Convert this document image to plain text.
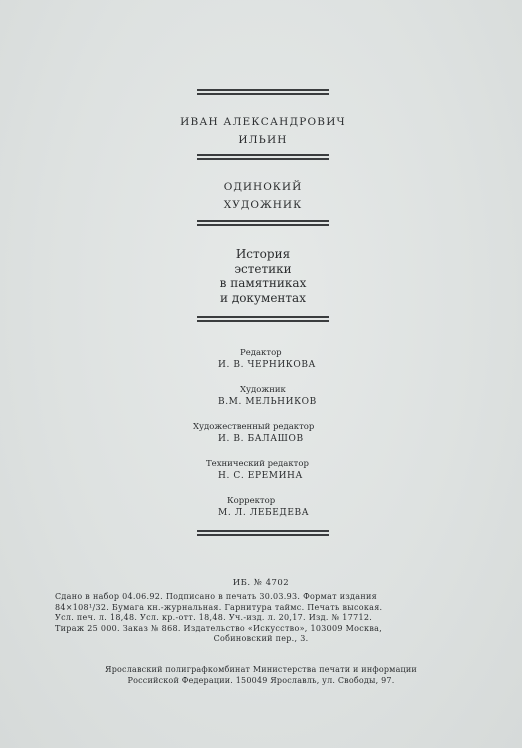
ИВАН АЛЕКСАНДРОВИЧ
ИЛЬИН
ОДИНОКИЙ
ХУДОЖНИК
История
эстетики
в памятниках
и документах
Редактор
И. В. ЧЕРНИКОВА
Художник
В.М. МЕЛЬНИКОВ
Художественный редактор
И. В. БАЛАШОВ
Технический редактор
Н. С. ЕРЕМИНА
Корректор
М. Л. ЛЕБЕДЕВА
ИБ. № 4702
Сдано в набор 04.06.92. Подписано в печать 30.03.93. Формат издания
84×108¹/32. Бумага кн.-журнальная. Гарнитура таймс. Печать высокая.
Усл. печ. л. 18,48. Усл. кр.-отт. 18,48. Уч.-изд. л. 20,17. Изд. № 17712.
Тираж 25 000. Заказ № 868. Издательство «Искусство», 103009 Москва,
Собиновский пер., 3.
Ярославский полиграфкомбинат Министерства печати и информации
Российской Федерации. 150049 Ярославль, ул. Свободы, 97.
